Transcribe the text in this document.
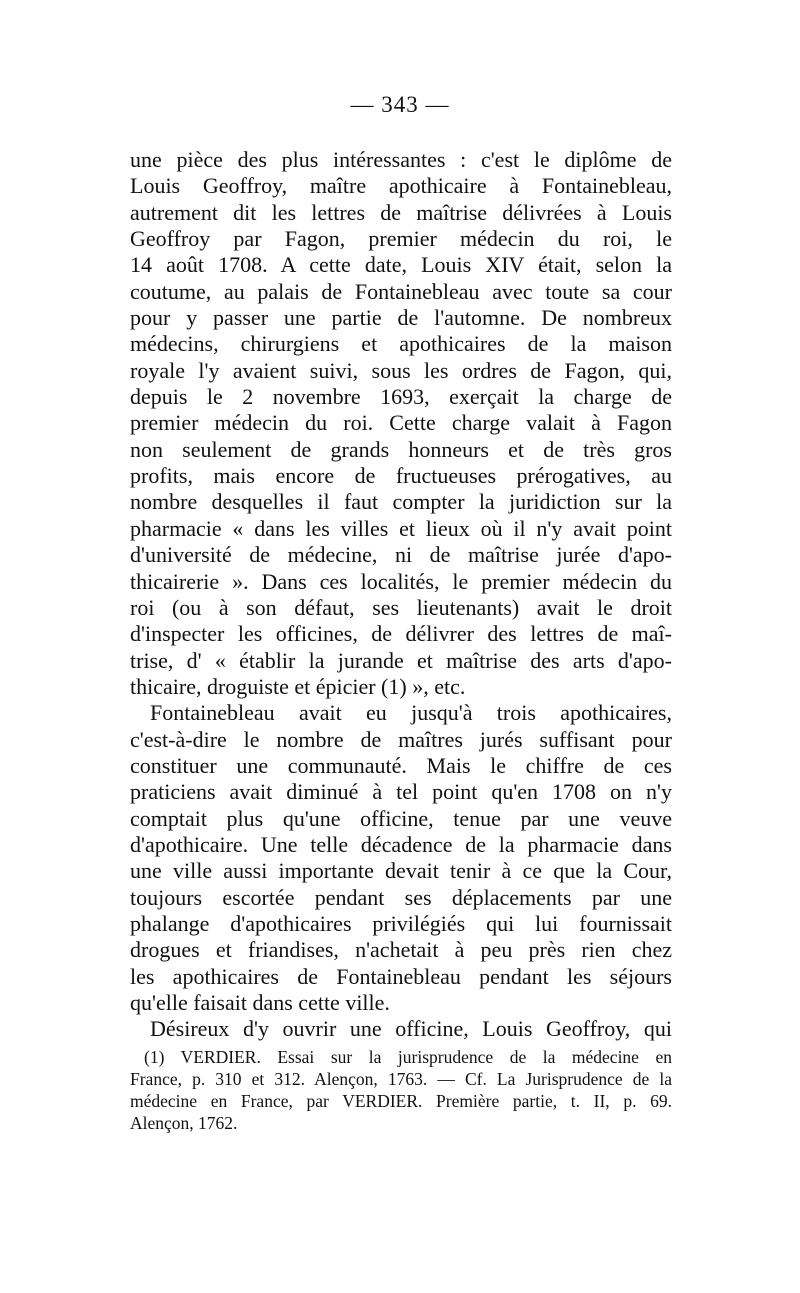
— 343 —
une pièce des plus intéressantes : c'est le diplôme de
Louis Geoffroy, maître apothicaire à Fontainebleau,
autrement dit les lettres de maîtrise délivrées à Louis
Geoffroy par Fagon, premier médecin du roi, le
14 août 1708. A cette date, Louis XIV était, selon la
coutume, au palais de Fontainebleau avec toute sa cour
pour y passer une partie de l'automne. De nombreux
médecins, chirurgiens et apothicaires de la maison
royale l'y avaient suivi, sous les ordres de Fagon, qui,
depuis le 2 novembre 1693, exerçait la charge de
premier médecin du roi. Cette charge valait à Fagon
non seulement de grands honneurs et de très gros
profits, mais encore de fructueuses prérogatives, au
nombre desquelles il faut compter la juridiction sur la
pharmacie « dans les villes et lieux où il n'y avait point
d'université de médecine, ni de maîtrise jurée d'apo-
thicairerie ». Dans ces localités, le premier médecin du
roi (ou à son défaut, ses lieutenants) avait le droit
d'inspecter les officines, de délivrer des lettres de maî-
trise, d' « établir la jurande et maîtrise des arts d'apo-
thicaire, droguiste et épicier (1) », etc.
Fontainebleau avait eu jusqu'à trois apothicaires,
c'est-à-dire le nombre de maîtres jurés suffisant pour
constituer une communauté. Mais le chiffre de ces
praticiens avait diminué à tel point qu'en 1708 on n'y
comptait plus qu'une officine, tenue par une veuve
d'apothicaire. Une telle décadence de la pharmacie dans
une ville aussi importante devait tenir à ce que la Cour,
toujours escortée pendant ses déplacements par une
phalange d'apothicaires privilégiés qui lui fournissait
drogues et friandises, n'achetait à peu près rien chez
les apothicaires de Fontainebleau pendant les séjours
qu'elle faisait dans cette ville.
Désireux d'y ouvrir une officine, Louis Geoffroy, qui
(1) VERDIER. Essai sur la jurisprudence de la médecine en
France, p. 310 et 312. Alençon, 1763. — Cf. La Jurisprudence de la
médecine en France, par VERDIER. Première partie, t. II, p. 69.
Alençon, 1762.
